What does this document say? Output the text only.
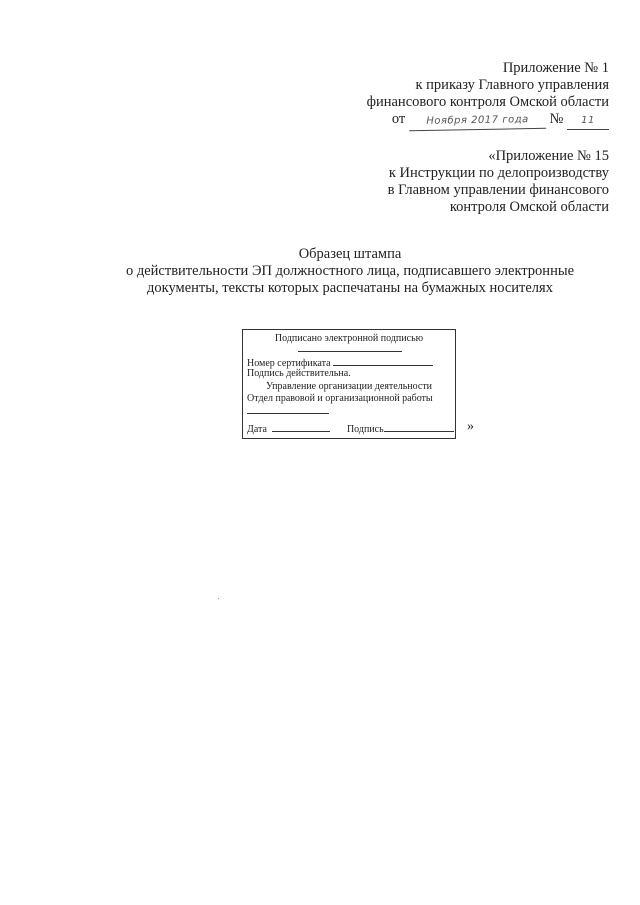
Приложение № 1
к приказу Главного управления
финансового контроля Омской области
от Ноября 2017 года № 11
«Приложение № 15
к Инструкции по делопроизводству
в Главном управлении финансового
контроля Омской области
Образец штампа
о действительности ЭП должностного лица, подписавшего электронные
документы, тексты которых распечатаны на бумажных носителях
Подписано электронной подписью
Номер сертификата
Подпись действительна.
Управление организации деятельности
Отдел правовой и организационной работы
Дата	Подпись	»
